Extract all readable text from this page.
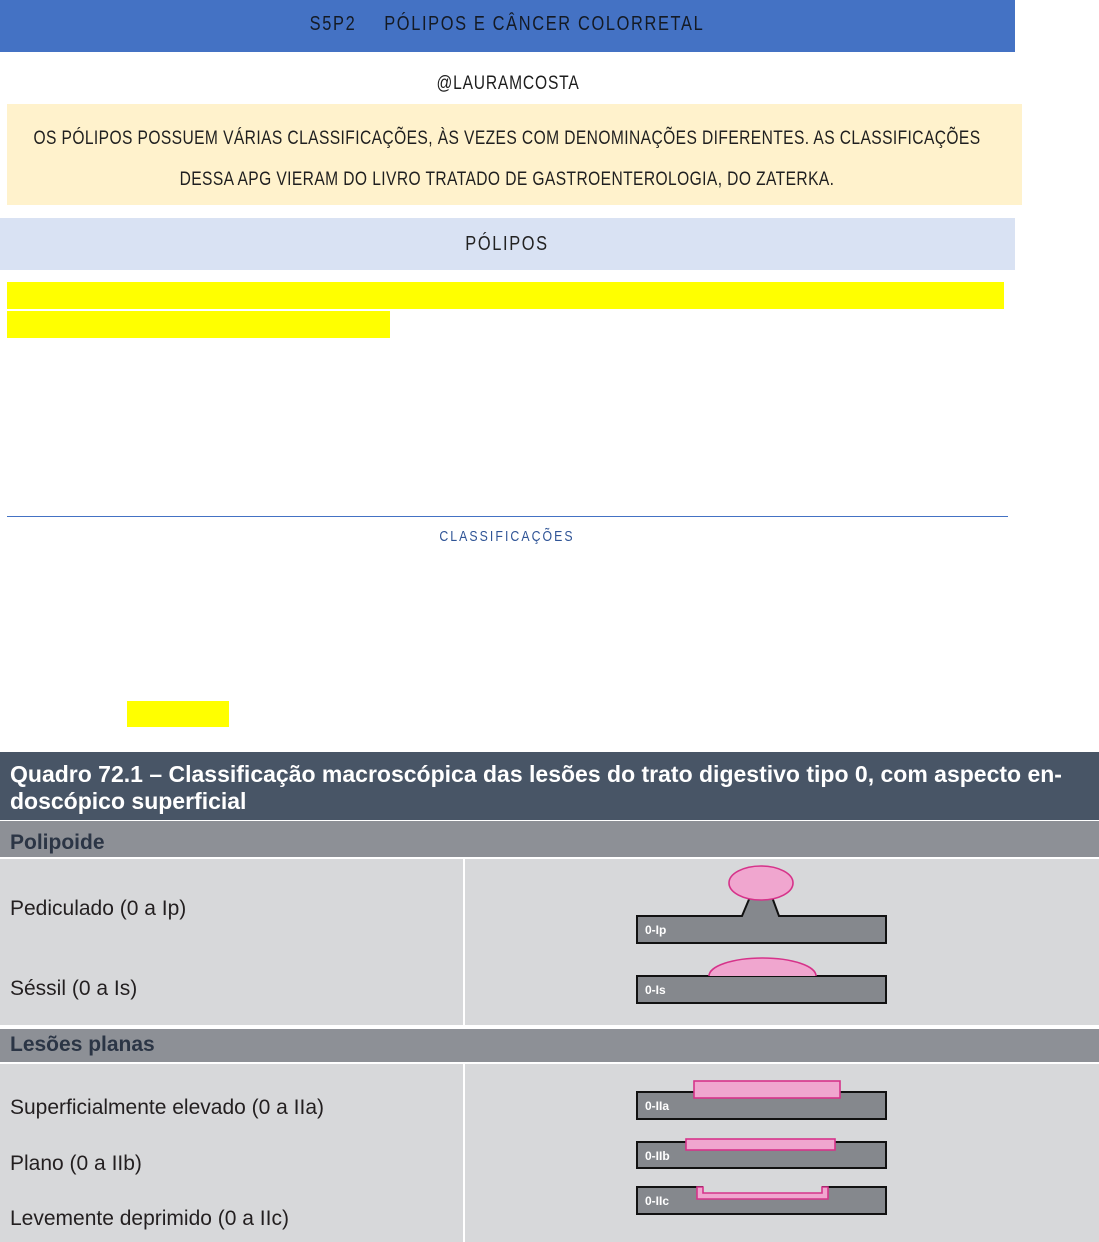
S5P2 PÓLIPOS E CÂNCER COLORRETAL
@LAURAMCOSTA
OS PÓLIPOS POSSUEM VÁRIAS CLASSIFICAÇÕES, ÀS VEZES COM DENOMINAÇÕES DIFERENTES. AS CLASSIFICAÇÕES
DESSA APG VIERAM DO LIVRO TRATADO DE GASTROENTEROLOGIA, DO ZATERKA.
PÓLIPOS
CLASSIFICAÇÕES
Quadro 72.1 – Classificação macroscópica das lesões do trato digestivo tipo 0, com aspecto en-
doscópico superficial
Polipoide
Pediculado (0 a Ip)
Séssil (0 a Is)
Lesões planas
Superficialmente elevado (0 a IIa)
Plano (0 a IIb)
Levemente deprimido (0 a IIc)
0-Ip
0-Is
0-IIa
0-IIb
0-IIc
